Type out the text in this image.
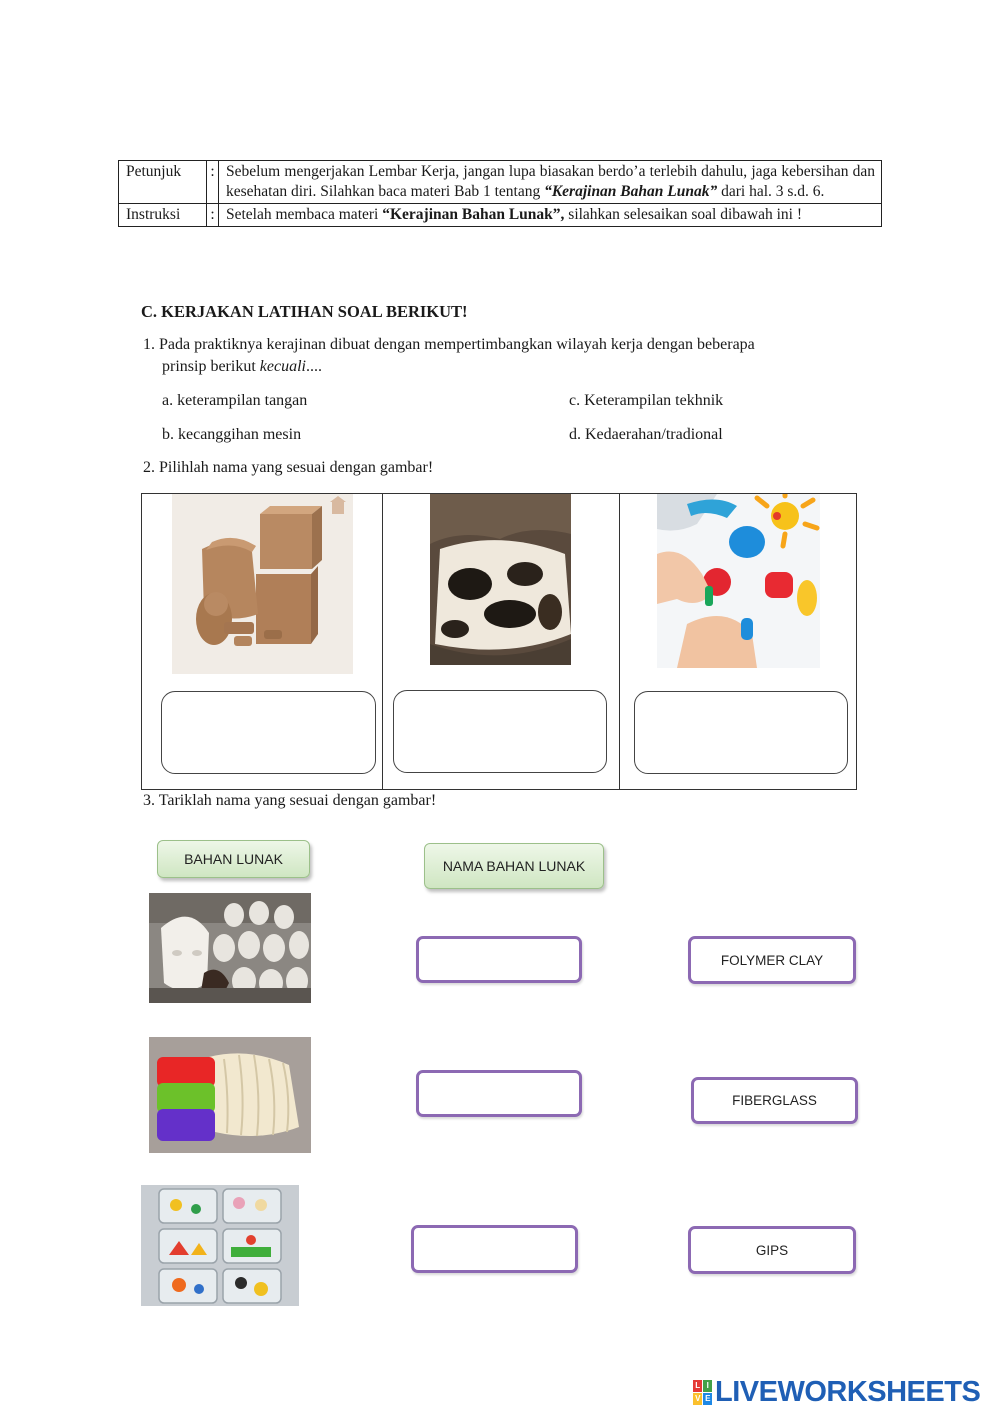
Petunjuk	:	Sebelum mengerjakan Lembar Kerja, jangan lupa biasakan berdo’a terlebih dahulu, jaga kebersihan dan kesehatan diri. Silahkan baca materi Bab 1 tentang “Kerajinan Bahan Lunak” dari hal. 3 s.d. 6.
Instruksi	:	Setelah membaca materi “Kerajinan Bahan Lunak”, silahkan selesaikan soal dibawah ini !
C. KERJAKAN LATIHAN SOAL BERIKUT!
1. Pada praktiknya kerajinan dibuat dengan mempertimbangkan wilayah kerja dengan beberapa
prinsip berikut kecuali....
a. keterampilan tangan	c. Keterampilan tekhnik
b. kecanggihan mesin	d. Kedaerahan/tradional
2. Pilihlah nama yang sesuai dengan gambar!
3. Tariklah nama yang sesuai dengan gambar!
BAHAN LUNAK	NAMA BAHAN LUNAK
FOLYMER CLAY
FIBERGLASS
GIPS
L I
V E LIVEWORKSHEETS
